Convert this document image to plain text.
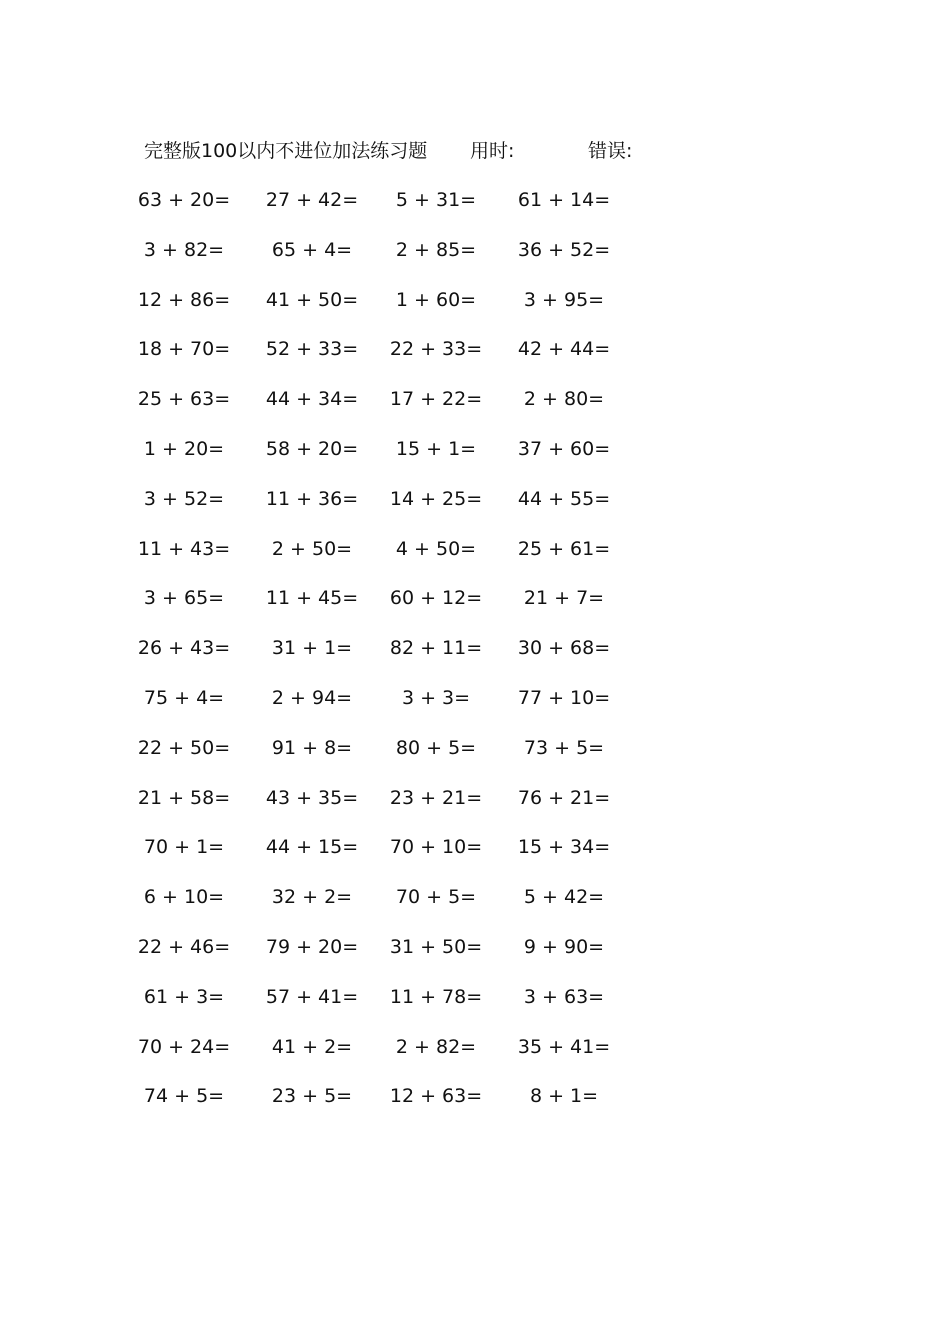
完整版100以内不进位加法练习题 用时:	错误:
63 + 20= 27 + 42= 5 + 31= 61 + 14=
3 + 82=	65 + 4= 2 + 85= 36 + 52=
12 + 86= 41 + 50= 1 + 60=	3 + 95=
18 + 70= 52 + 33= 22 + 33= 42 + 44=
25 + 63= 44 + 34= 17 + 22= 2 + 80=
1 + 20= 58 + 20= 15 + 1= 37 + 60=
3 + 52= 11 + 36= 14 + 25= 44 + 55=
11 + 43= 2 + 50= 4 + 50= 25 + 61=
3 + 65= 11 + 45= 60 + 12= 21 + 7=
26 + 43= 31 + 1= 82 + 11= 30 + 68=
75 + 4=	2 + 94=	3 + 3=	77 + 10=
22 + 50= 91 + 8= 80 + 5=	73 + 5=
21 + 58= 43 + 35= 23 + 21= 76 + 21=
70 + 1= 44 + 15= 70 + 10= 15 + 34=
6 + 10=	32 + 2= 70 + 5=	5 + 42=
22 + 46= 79 + 20= 31 + 50= 9 + 90=
61 + 3= 57 + 41= 11 + 78= 3 + 63=
70 + 24= 41 + 2= 2 + 82= 35 + 41=
74 + 5=	23 + 5= 12 + 63=	8 + 1=
